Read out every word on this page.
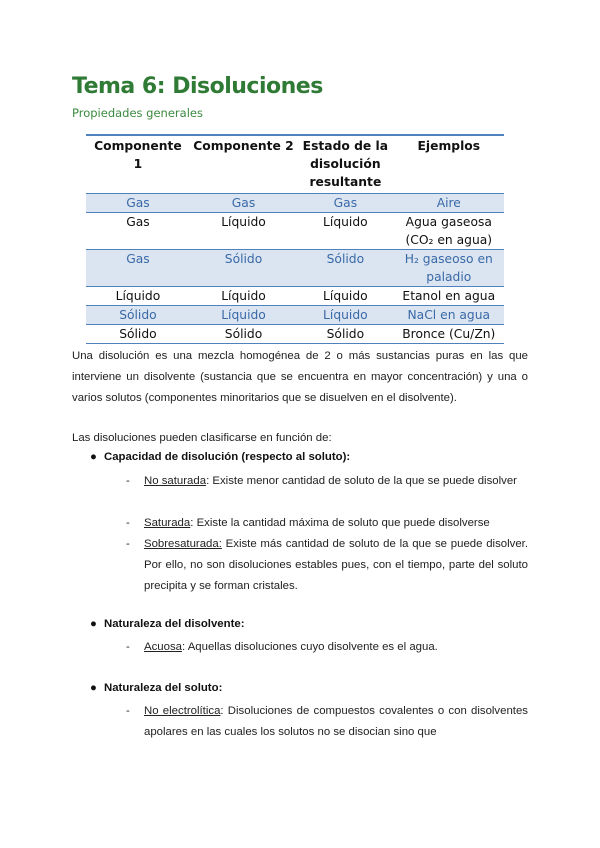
Tema 6: Disoluciones
Propiedades generales
Componente 1	Componente 2	Estado de la disolución resultante	Ejemplos
Gas	Gas	Gas	Aire
Gas	Líquido	Líquido	Agua gaseosa (CO₂ en agua)
Gas	Sólido	Sólido	H₂ gaseoso en paladio
Líquido	Líquido	Líquido	Etanol en agua
Sólido	Líquido	Líquido	NaCl en agua
Sólido	Sólido	Sólido	Bronce (Cu/Zn)
Una disolución es una mezcla homogénea de 2 o más sustancias puras en las que interviene un disolvente (sustancia que se encuentra en mayor concentración) y una o varios solutos (componentes minoritarios que se disuelven en el disolvente).
Las disoluciones pueden clasificarse en función de:
● Capacidad de disolución (respecto al soluto):
- No saturada: Existe menor cantidad de soluto de la que se puede disolver
- Saturada: Existe la cantidad máxima de soluto que puede disolverse
- Sobresaturada: Existe más cantidad de soluto de la que se puede disolver. Por ello, no son disoluciones estables pues, con el tiempo, parte del soluto precipita y se forman cristales.
● Naturaleza del disolvente:
- Acuosa: Aquellas disoluciones cuyo disolvente es el agua.
● Naturaleza del soluto:
- No electrolítica: Disoluciones de compuestos covalentes o con disolventes apolares en las cuales los solutos no se disocian sino que
